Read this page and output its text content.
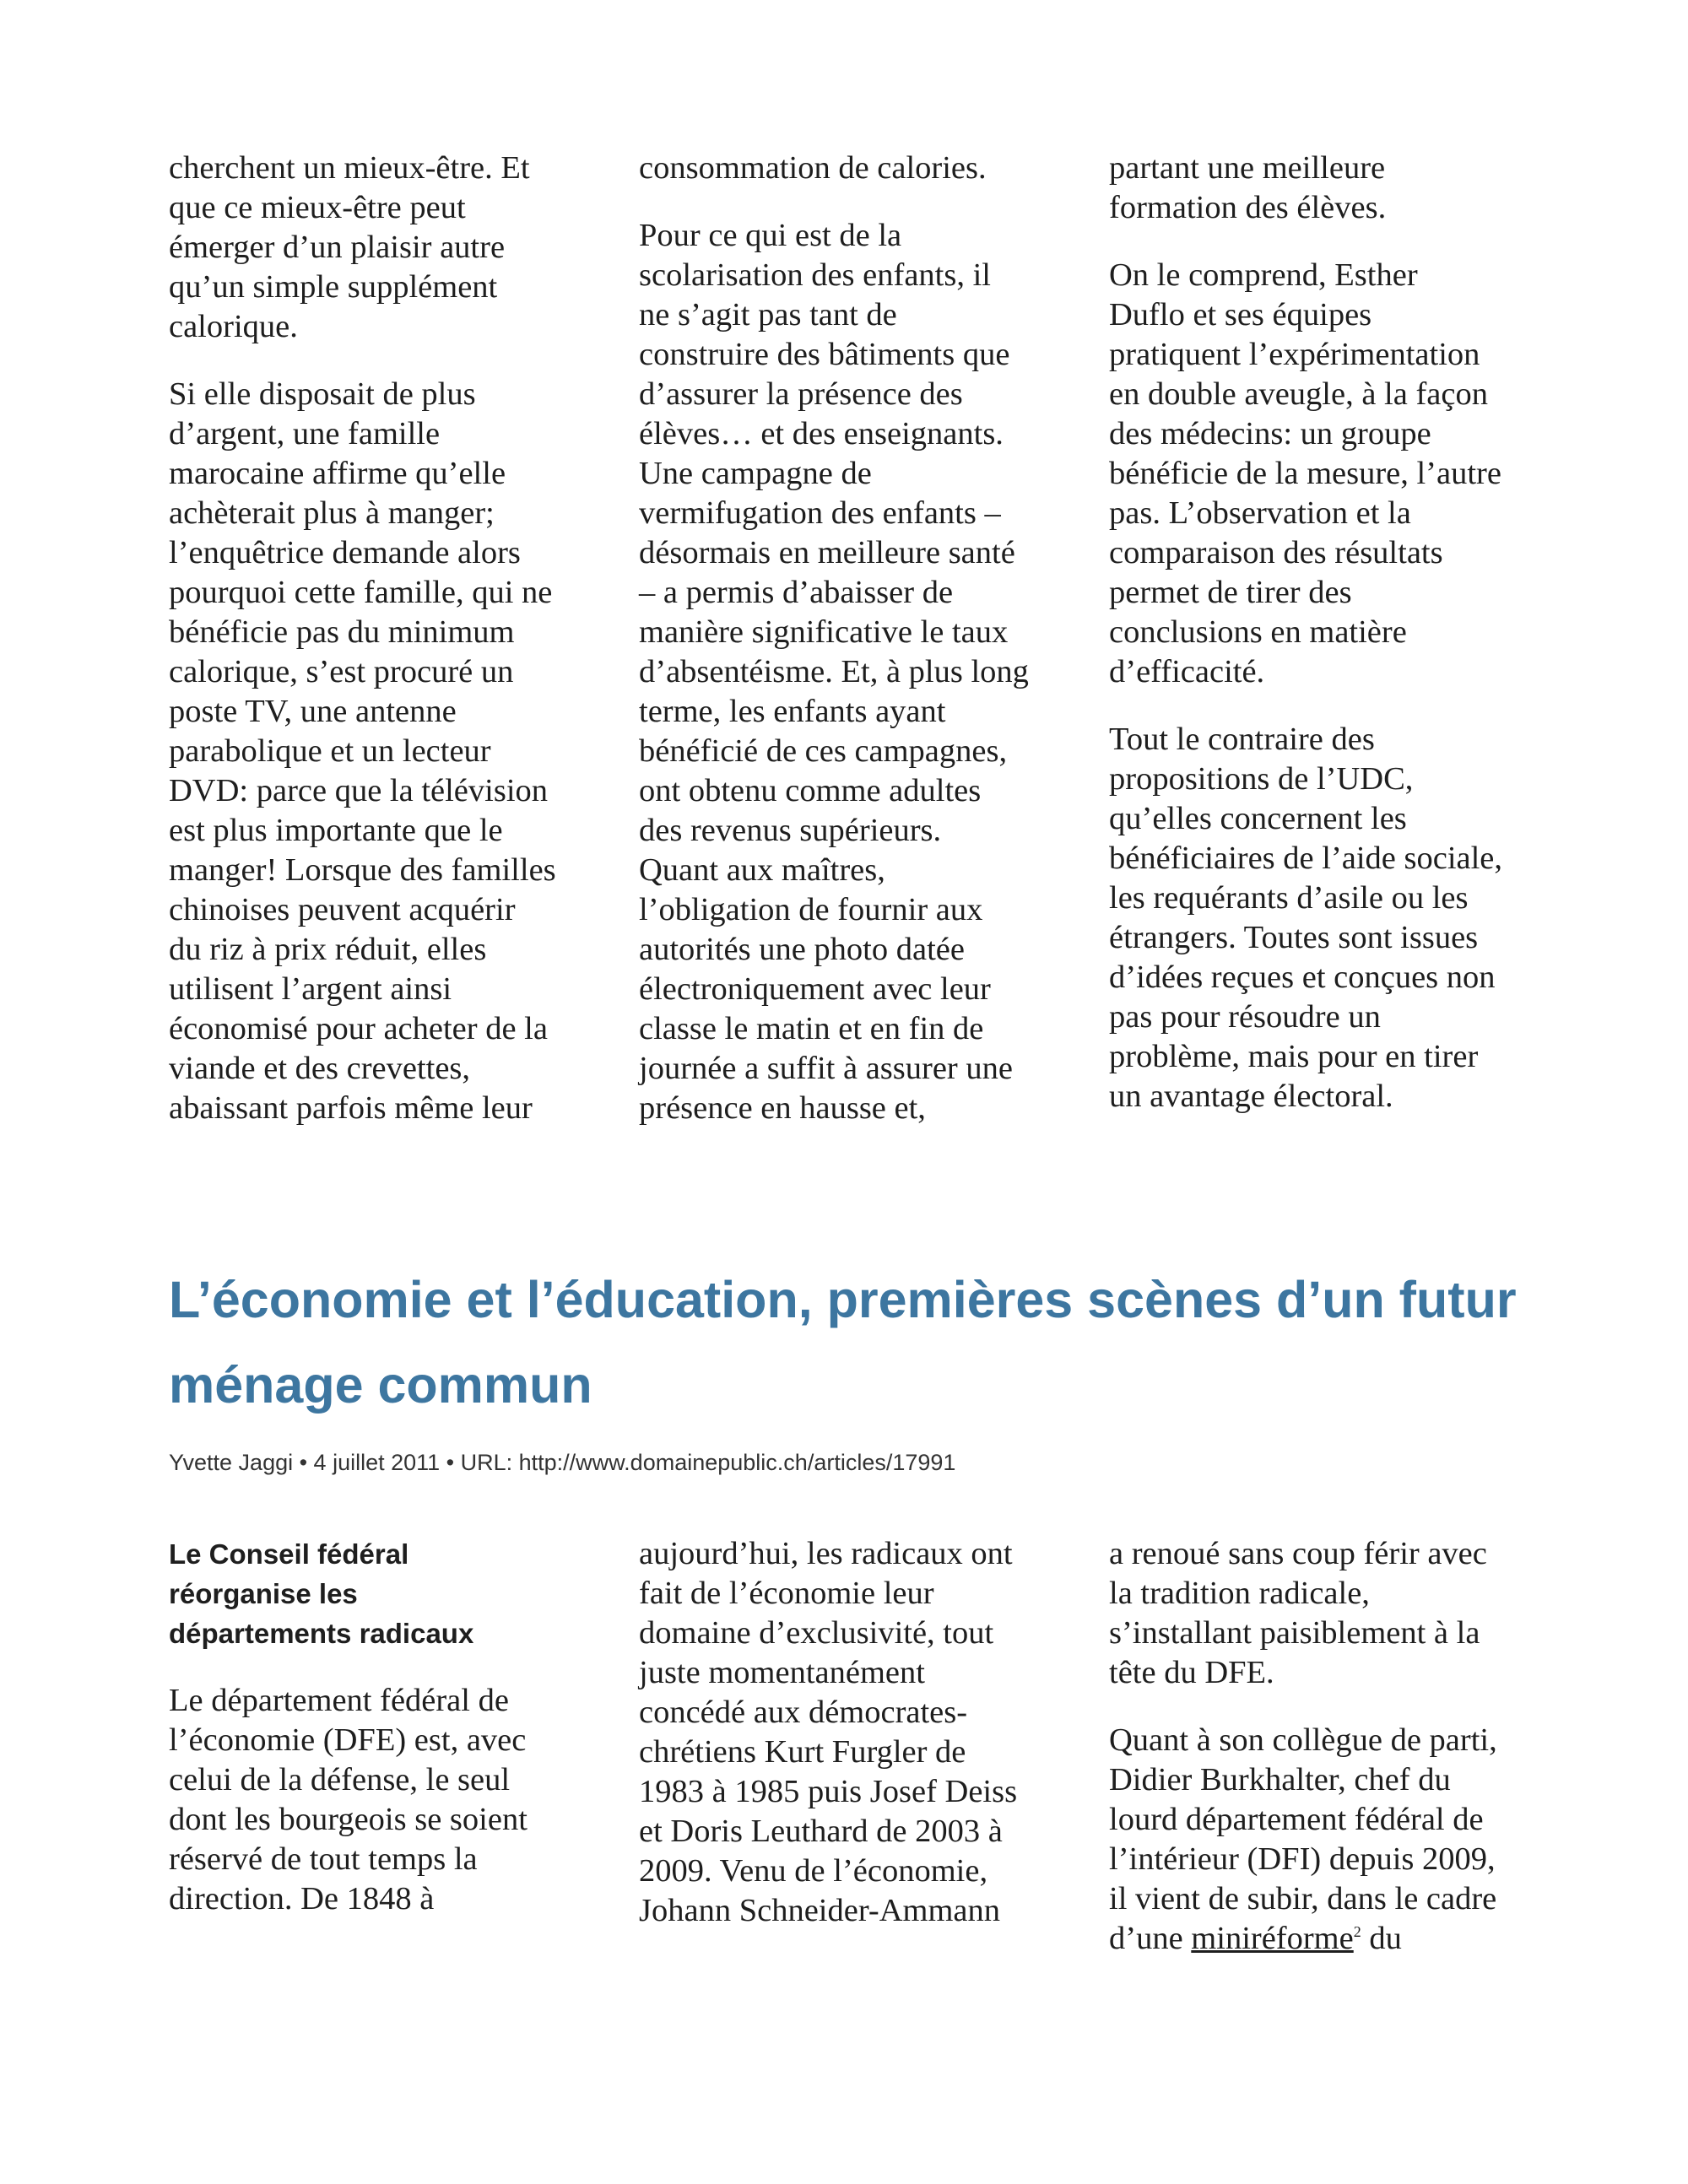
cherchent un mieux-être. Et
que ce mieux-être peut
émerger d’un plaisir autre
qu’un simple supplément
calorique.

Si elle disposait de plus
d’argent, une famille
marocaine affirme qu’elle
achèterait plus à manger;
l’enquêtrice demande alors
pourquoi cette famille, qui ne
bénéficie pas du minimum
calorique, s’est procuré un
poste TV, une antenne
parabolique et un lecteur
DVD: parce que la télévision
est plus importante que le
manger! Lorsque des familles
chinoises peuvent acquérir
du riz à prix réduit, elles
utilisent l’argent ainsi
économisé pour acheter de la
viande et des crevettes,
abaissant parfois même leur

consommation de calories.

Pour ce qui est de la
scolarisation des enfants, il
ne s’agit pas tant de
construire des bâtiments que
d’assurer la présence des
élèves… et des enseignants.
Une campagne de
vermifugation des enfants –
désormais en meilleure santé
– a permis d’abaisser de
manière significative le taux
d’absentéisme. Et, à plus long
terme, les enfants ayant
bénéficié de ces campagnes,
ont obtenu comme adultes
des revenus supérieurs.
Quant aux maîtres,
l’obligation de fournir aux
autorités une photo datée
électroniquement avec leur
classe le matin et en fin de
journée a suffit à assurer une
présence en hausse et,

partant une meilleure
formation des élèves.

On le comprend, Esther
Duflo et ses équipes
pratiquent l’expérimentation
en double aveugle, à la façon
des médecins: un groupe
bénéficie de la mesure, l’autre
pas. L’observation et la
comparaison des résultats
permet de tirer des
conclusions en matière
d’efficacité.

Tout le contraire des
propositions de l’UDC,
qu’elles concernent les
bénéficiaires de l’aide sociale,
les requérants d’asile ou les
étrangers. Toutes sont issues
d’idées reçues et conçues non
pas pour résoudre un
problème, mais pour en tirer
un avantage électoral.

L’économie et l’éducation, premières scènes d’un futur ménage commun
Yvette Jaggi • 4 juillet 2011 • URL: http://www.domainepublic.ch/articles/17991
Le Conseil fédéral
réorganise les
départements radicaux

Le département fédéral de
l’économie (DFE) est, avec
celui de la défense, le seul
dont les bourgeois se soient
réservé de tout temps la
direction. De 1848 à

aujourd’hui, les radicaux ont
fait de l’économie leur
domaine d’exclusivité, tout
juste momentanément
concédé aux démocrates-
chrétiens Kurt Furgler de
1983 à 1985 puis Josef Deiss
et Doris Leuthard de 2003 à
2009. Venu de l’économie,
Johann Schneider-Ammann

a renoué sans coup férir avec
la tradition radicale,
s’installant paisiblement à la
tête du DFE.

Quant à son collègue de parti,
Didier Burkhalter, chef du
lourd département fédéral de
l’intérieur (DFI) depuis 2009,
il vient de subir, dans le cadre
d’une miniréforme$^2$ du
